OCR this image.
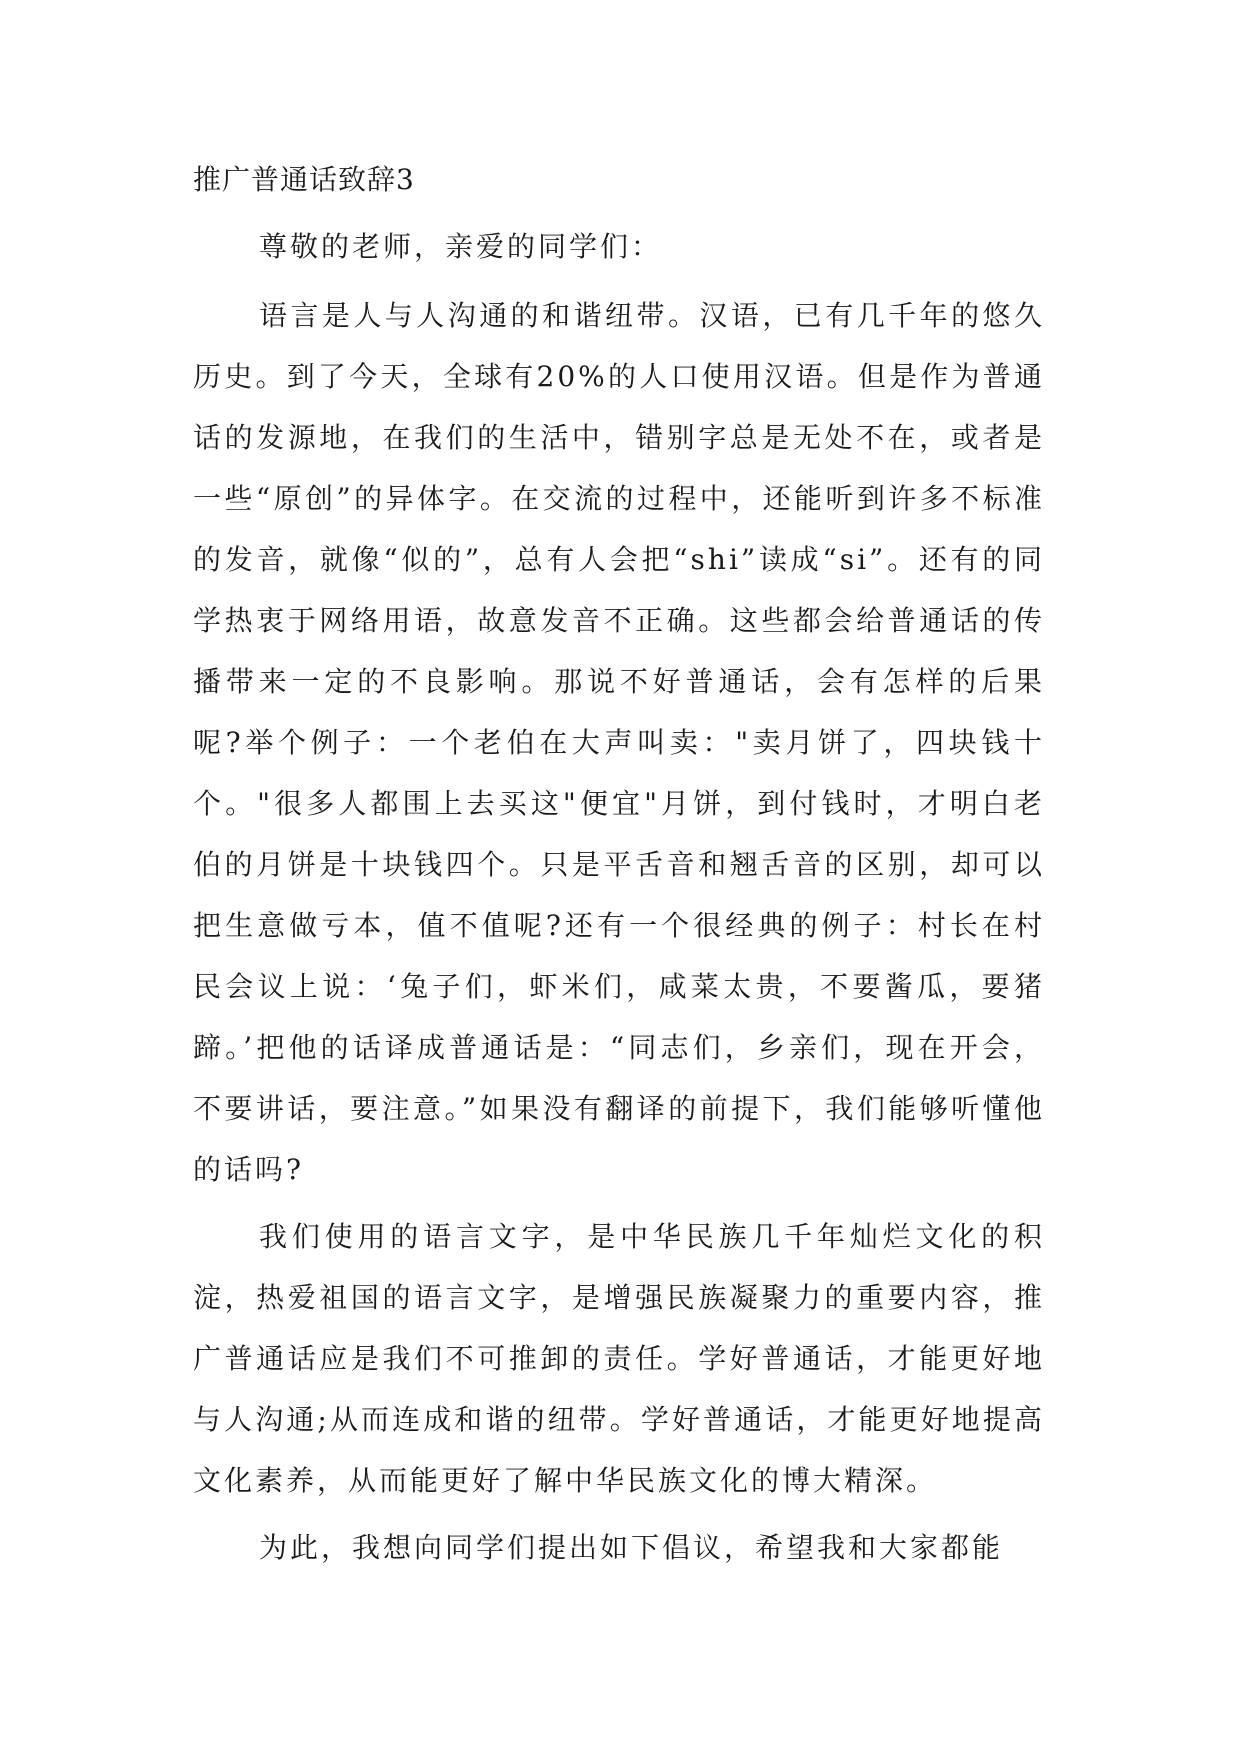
推广普通话致辞3

尊敬的老师，亲爱的同学们：

语言是人与人沟通的和谐纽带。汉语，已有几千年的悠久历史。到了今天，全球有20%的人口使用汉语。但是作为普通话的发源地，在我们的生活中，错别字总是无处不在，或者是一些“原创”的异体字。在交流的过程中，还能听到许多不标准的发音，就像“似的”，总有人会把“shi”读成“si”。还有的同学热衷于网络用语，故意发音不正确。这些都会给普通话的传播带来一定的不良影响。那说不好普通话，会有怎样的后果呢?举个例子：一个老伯在大声叫卖："卖月饼了，四块钱十个。"很多人都围上去买这"便宜"月饼，到付钱时，才明白老伯的月饼是十块钱四个。只是平舌音和翘舌音的区别，却可以把生意做亏本，值不值呢?还有一个很经典的例子：村长在村民会议上说：‘兔子们，虾米们，咸菜太贵，不要酱瓜，要猪蹄。’把他的话译成普通话是：“同志们，乡亲们，现在开会，不要讲话，要注意。”如果没有翻译的前提下，我们能够听懂他的话吗?

我们使用的语言文字，是中华民族几千年灿烂文化的积淀，热爱祖国的语言文字，是增强民族凝聚力的重要内容，推广普通话应是我们不可推卸的责任。学好普通话，才能更好地与人沟通;从而连成和谐的纽带。学好普通话，才能更好地提高文化素养，从而能更好了解中华民族文化的博大精深。

为此，我想向同学们提出如下倡议，希望我和大家都能
